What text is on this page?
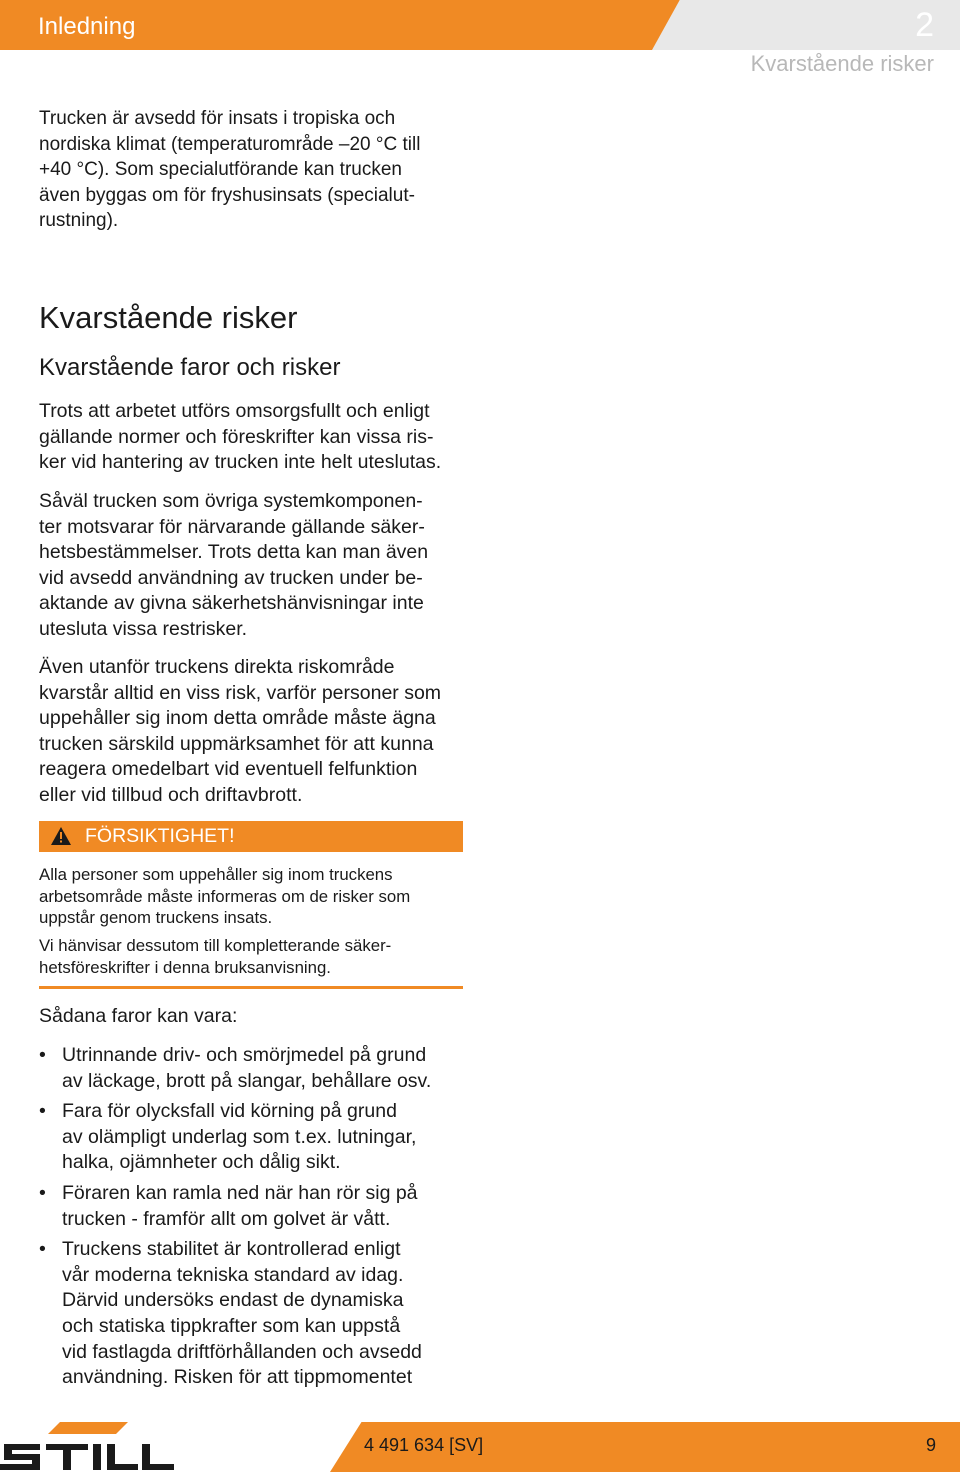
Inledning	2
Kvarstående risker
Trucken är avsedd för insats i tropiska och
nordiska klimat (temperaturområde –20 °C till
+40 °C). Som specialutförande kan trucken
även byggas om för fryshusinsats (specialut-
rustning).
Kvarstående risker
Kvarstående faror och risker
Trots att arbetet utförs omsorgsfullt och enligt
gällande normer och föreskrifter kan vissa ris-
ker vid hantering av trucken inte helt uteslutas.
Såväl trucken som övriga systemkomponen-
ter motsvarar för närvarande gällande säker-
hetsbestämmelser. Trots detta kan man även
vid avsedd användning av trucken under be-
aktande av givna säkerhetshänvisningar inte
utesluta vissa restrisker.
Även utanför truckens direkta riskområde
kvarstår alltid en viss risk, varför personer som
uppehåller sig inom detta område måste ägna
trucken särskild uppmärksamhet för att kunna
reagera omedelbart vid eventuell felfunktion
eller vid tillbud och driftavbrott.
FÖRSIKTIGHET!
Alla personer som uppehåller sig inom truckens
arbetsområde måste informeras om de risker som
uppstår genom truckens insats.
Vi hänvisar dessutom till kompletterande säker-
hetsföreskrifter i denna bruksanvisning.
Sådana faror kan vara:
• Utrinnande driv- och smörjmedel på grund
av läckage, brott på slangar, behållare osv.
• Fara för olycksfall vid körning på grund
av olämpligt underlag som t.ex. lutningar,
halka, ojämnheter och dålig sikt.
• Föraren kan ramla ned när han rör sig på
trucken - framför allt om golvet är vått.
• Truckens stabilitet är kontrollerad enligt
vår moderna tekniska standard av idag.
Därvid undersöks endast de dynamiska
och statiska tippkrafter som kan uppstå
vid fastlagda driftförhållanden och avsedd
användning. Risken för att tippmomentet
4 491 634 [SV]	9
